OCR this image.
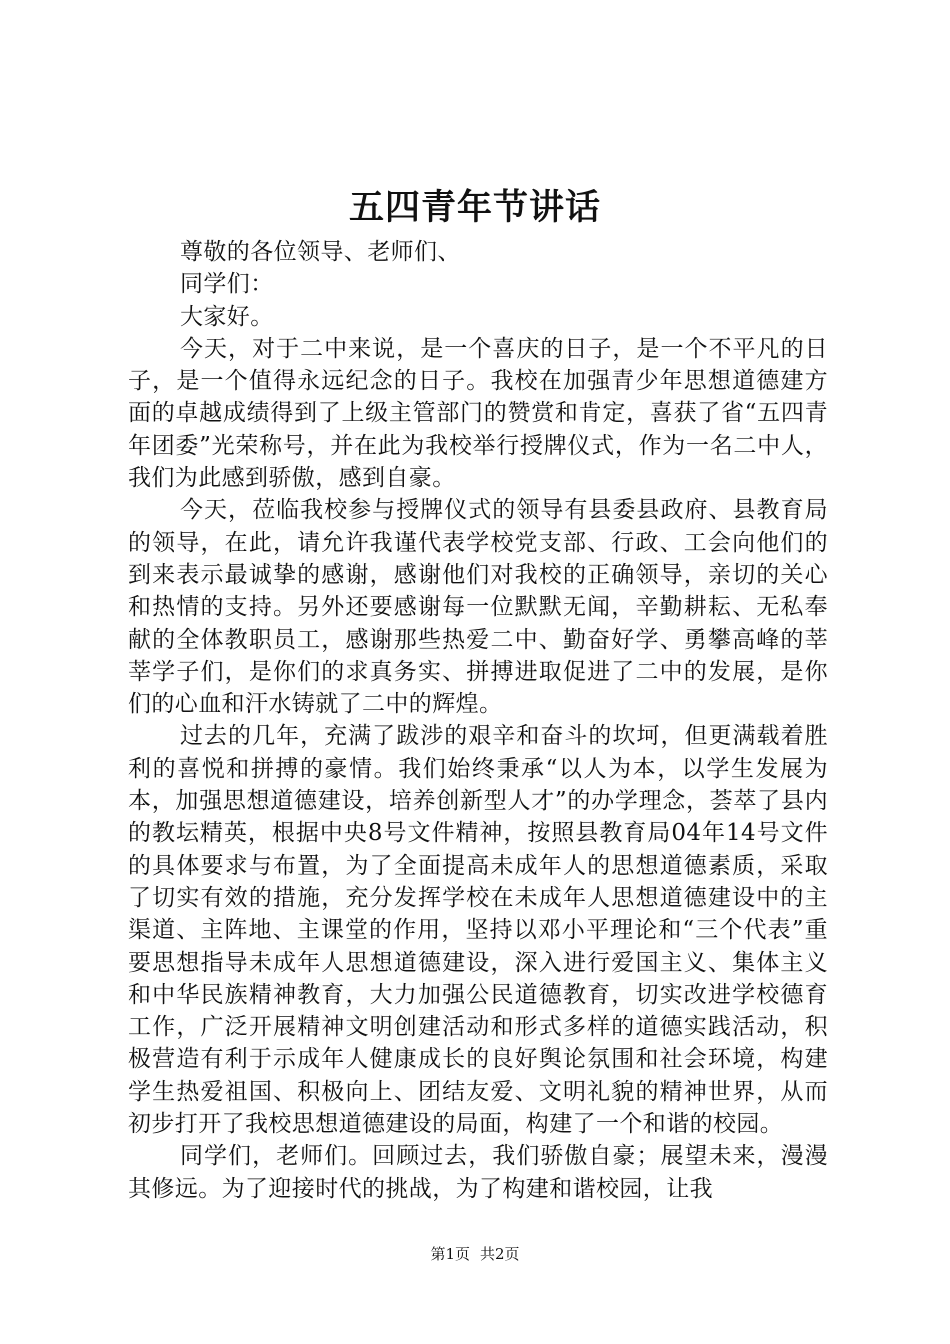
五四青年节讲话

尊敬的各位领导、老师们、

同学们：

大家好。

今天，对于二中来说，是一个喜庆的日子，是一个不平凡的日子，是一个值得永远纪念的日子。我校在加强青少年思想道德建方面的卓越成绩得到了上级主管部门的赞赏和肯定，喜获了省“五四青年团委”光荣称号，并在此为我校举行授牌仪式，作为一名二中人，我们为此感到骄傲，感到自豪。

今天，莅临我校参与授牌仪式的领导有县委县政府、县教育局的领导，在此，请允许我谨代表学校党支部、行政、工会向他们的到来表示最诚挚的感谢，感谢他们对我校的正确领导，亲切的关心和热情的支持。另外还要感谢每一位默默无闻，辛勤耕耘、无私奉献的全体教职员工，感谢那些热爱二中、勤奋好学、勇攀高峰的莘莘学子们，是你们的求真务实、拼搏进取促进了二中的发展，是你们的心血和汗水铸就了二中的辉煌。

过去的几年，充满了跋涉的艰辛和奋斗的坎坷，但更满载着胜利的喜悦和拼搏的豪情。我们始终秉承“以人为本，以学生发展为本，加强思想道德建设，培养创新型人才”的办学理念，荟萃了县内的教坛精英，根据中央8号文件精神，按照县教育局04年14号文件的具体要求与布置，为了全面提高未成年人的思想道德素质，采取了切实有效的措施，充分发挥学校在未成年人思想道德建设中的主渠道、主阵地、主课堂的作用，坚持以邓小平理论和“三个代表”重要思想指导未成年人思想道德建设，深入进行爱国主义、集体主义和中华民族精神教育，大力加强公民道德教育，切实改进学校德育工作，广泛开展精神文明创建活动和形式多样的道德实践活动，积极营造有利于示成年人健康成长的良好舆论氛围和社会环境，构建学生热爱祖国、积极向上、团结友爱、文明礼貌的精神世界，从而初步打开了我校思想道德建设的局面，构建了一个和谐的校园。

同学们，老师们。回顾过去，我们骄傲自豪；展望未来，漫漫其修远。为了迎接时代的挑战，为了构建和谐校园，让我

第1页 共2页
